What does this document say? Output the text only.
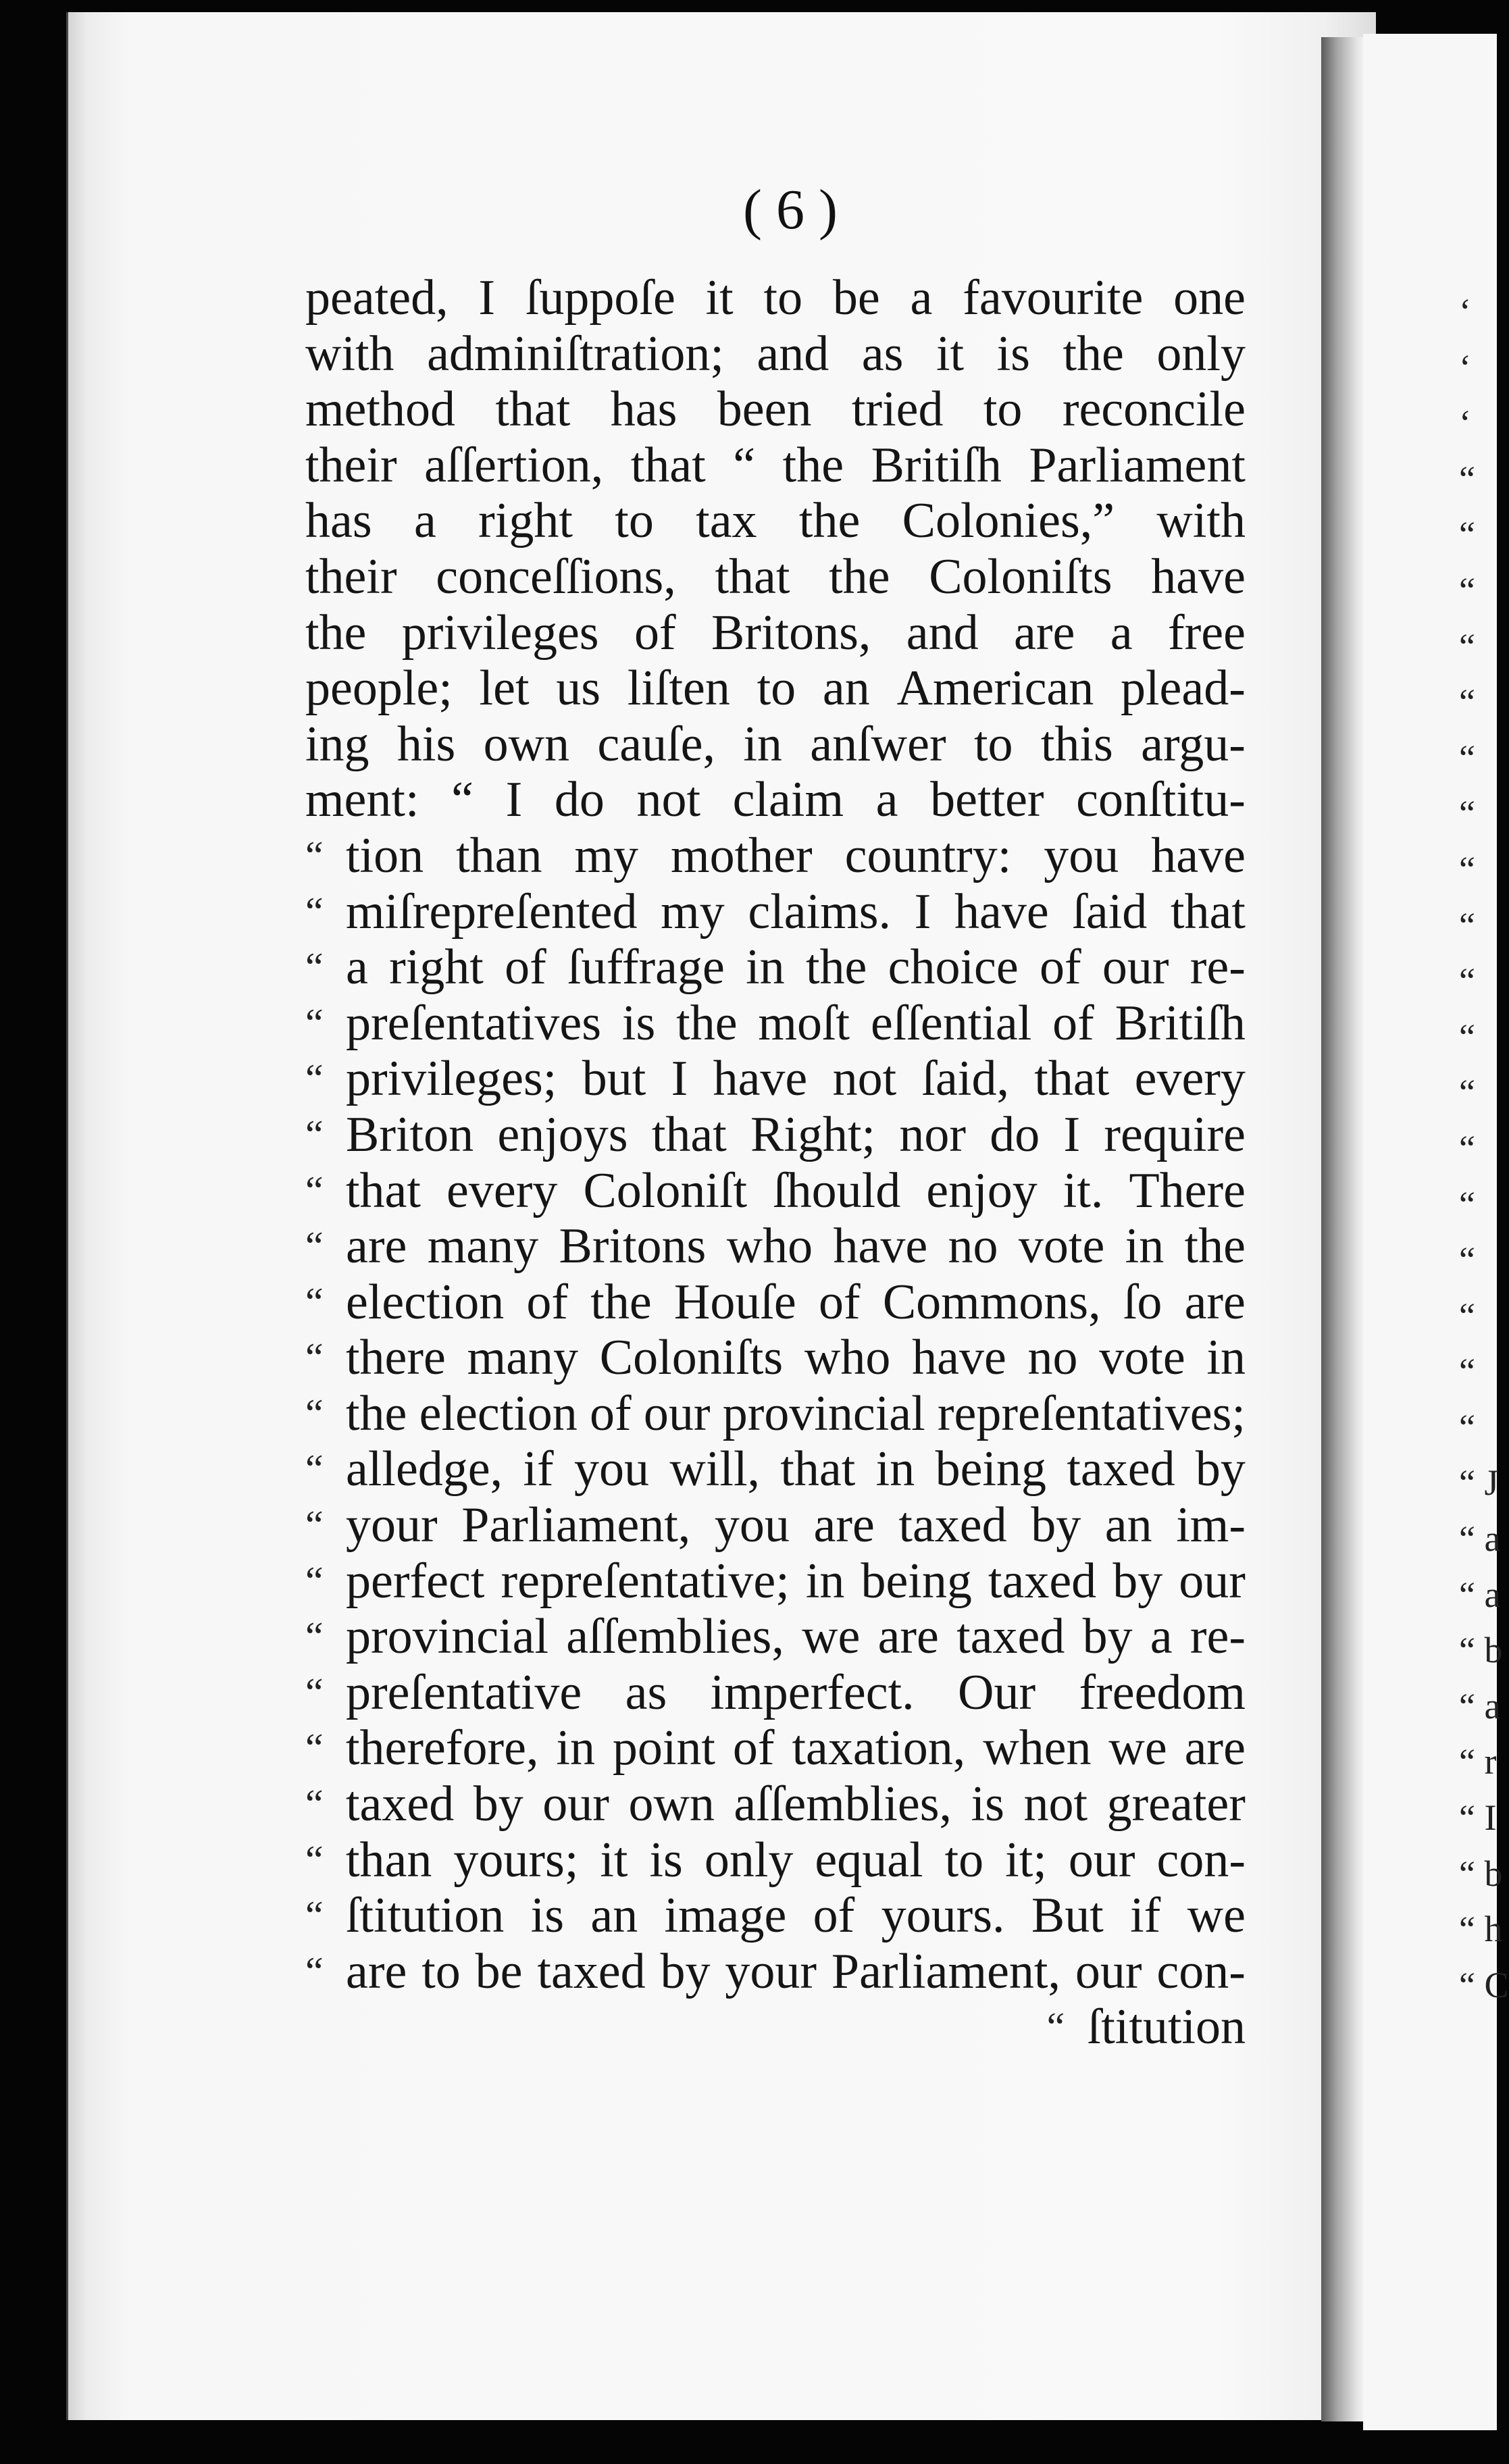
( 6 )
peated, I ſuppoſe it to be a favourite one
with adminiſtration; and as it is the only
method that has been tried to reconcile
their aſſertion, that “ the Britiſh Parliament
has a right to tax the Colonies,” with
their conceſſions, that the Coloniſts have
the privileges of Britons, and are a free
people; let us liſten to an American plead-
ing his own cauſe, in anſwer to this argu-
ment: “ I do not claim a better conſtitu-
“ tion than my mother country: you have
“ miſrepreſented my claims. I have ſaid that
“ a right of ſuffrage in the choice of our re-
“ preſentatives is the moſt eſſential of Britiſh
“ privileges; but I have not ſaid, that every
“ Briton enjoys that Right; nor do I require
“ that every Coloniſt ſhould enjoy it. There
“ are many Britons who have no vote in the
“ election of the Houſe of Commons, ſo are
“ there many Coloniſts who have no vote in
“ the election of our provincial repreſentatives;
“ alledge, if you will, that in being taxed by
“ your Parliament, you are taxed by an im-
“ perfect repreſentative; in being taxed by our
“ provincial aſſemblies, we are taxed by a re-
“ preſentative as imperfect. Our freedom
“ therefore, in point of taxation, when we are
“ taxed by our own aſſemblies, is not greater
“ than yours; it is only equal to it; our con-
“ ſtitution is an image of yours. But if we
“ are to be taxed by your Parliament, our con-
“ ſtitution
‘
‘
‘
“
“
“
“
“
“
“
“
“
“
“
“
“
“
“
“
“
“
“ J
“ a
“ a
“ b
“ a
“ r
“ I
“ b
“ h
“ C
